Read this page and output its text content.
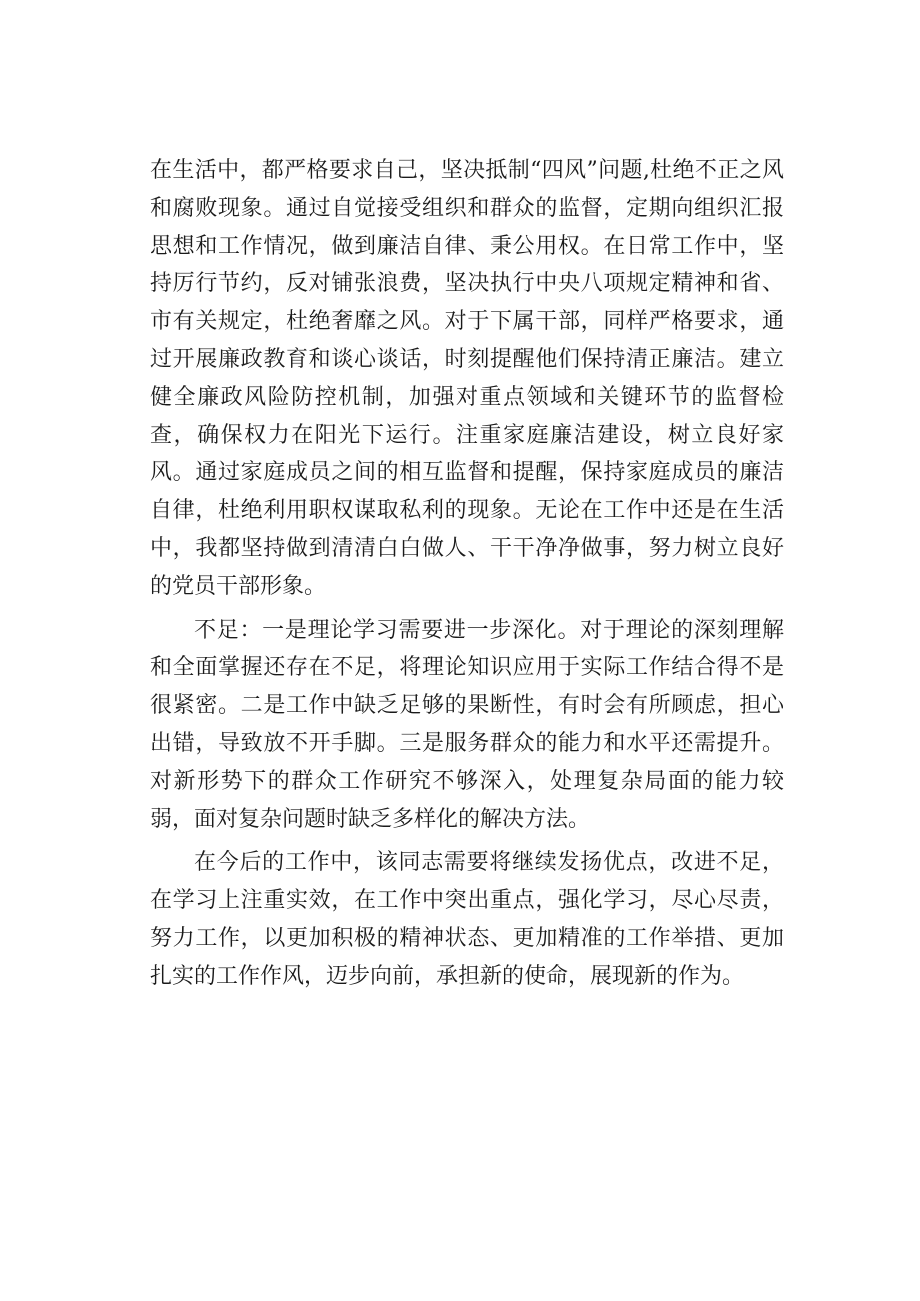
在生活中，都严格要求自己，坚决抵制“四风”问题,杜绝不正之风和腐败现象。通过自觉接受组织和群众的监督，定期向组织汇报思想和工作情况，做到廉洁自律、秉公用权。在日常工作中，坚持厉行节约，反对铺张浪费，坚决执行中央八项规定精神和省、市有关规定，杜绝奢靡之风。对于下属干部，同样严格要求，通过开展廉政教育和谈心谈话，时刻提醒他们保持清正廉洁。建立健全廉政风险防控机制，加强对重点领域和关键环节的监督检查，确保权力在阳光下运行。注重家庭廉洁建设，树立良好家风。通过家庭成员之间的相互监督和提醒，保持家庭成员的廉洁自律，杜绝利用职权谋取私利的现象。无论在工作中还是在生活中，我都坚持做到清清白白做人、干干净净做事，努力树立良好的党员干部形象。

不足：一是理论学习需要进一步深化。对于理论的深刻理解和全面掌握还存在不足，将理论知识应用于实际工作结合得不是很紧密。二是工作中缺乏足够的果断性，有时会有所顾虑，担心出错，导致放不开手脚。三是服务群众的能力和水平还需提升。对新形势下的群众工作研究不够深入，处理复杂局面的能力较弱，面对复杂问题时缺乏多样化的解决方法。

在今后的工作中，该同志需要将继续发扬优点，改进不足，在学习上注重实效，在工作中突出重点，强化学习，尽心尽责，努力工作，以更加积极的精神状态、更加精准的工作举措、更加扎实的工作作风，迈步向前，承担新的使命，展现新的作为。
